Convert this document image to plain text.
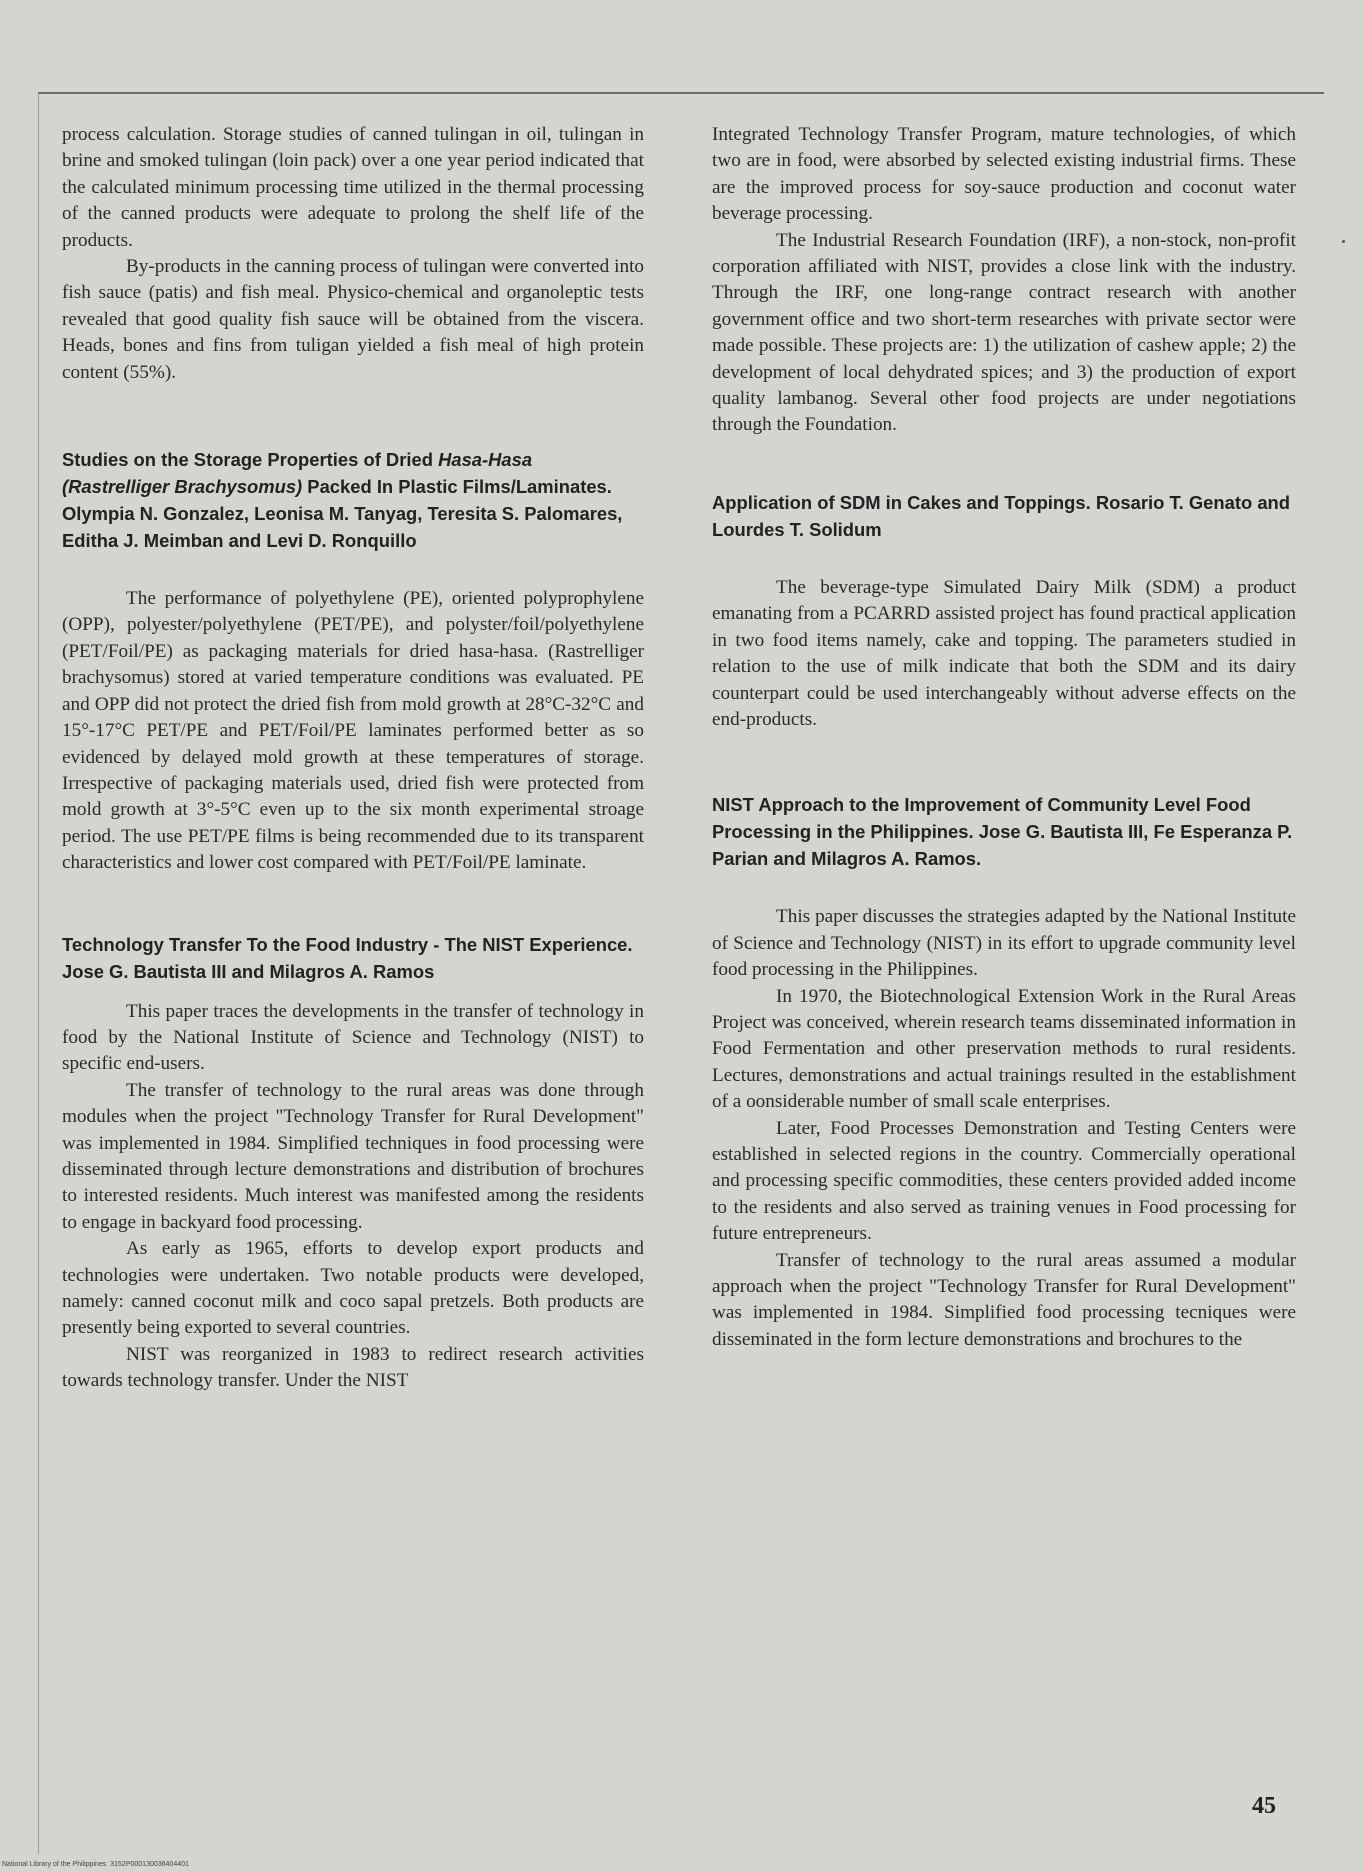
process calculation. Storage studies of canned tulingan in oil, tulingan in brine and smoked tulingan (loin pack) over a one year period indicated that the calculated minimum processing time utilized in the thermal processing of the canned products were adequate to prolong the shelf life of the products.

By-products in the canning process of tulingan were converted into fish sauce (patis) and fish meal. Physico-chemical and organoleptic tests revealed that good quality fish sauce will be obtained from the viscera. Heads, bones and fins from tuligan yielded a fish meal of high protein content (55%).

Studies on the Storage Properties of Dried Hasa-Hasa (Rastrelliger Brachysomus) Packed In Plastic Films/Laminates. Olympia N. Gonzalez, Leonisa M. Tanyag, Teresita S. Palomares, Editha J. Meimban and Levi D. Ronquillo

The performance of polyethylene (PE), oriented polyprophylene (OPP), polyester/polyethylene (PET/PE), and polyster/foil/polyethylene (PET/Foil/PE) as packaging materials for dried hasa-hasa. (Rastrelliger brachysomus) stored at varied temperature conditions was evaluated. PE and OPP did not protect the dried fish from mold growth at 28°C-32°C and 15°-17°C PET/PE and PET/Foil/PE laminates performed better as so evidenced by delayed mold growth at these temperatures of storage. Irrespective of packaging materials used, dried fish were protected from mold growth at 3°-5°C even up to the six month experimental stroage period. The use PET/PE films is being recommended due to its transparent characteristics and lower cost compared with PET/Foil/PE laminate.

Technology Transfer To the Food Industry - The NIST Experience. Jose G. Bautista III and Milagros A. Ramos

This paper traces the developments in the transfer of technology in food by the National Institute of Science and Technology (NIST) to specific end-users.

The transfer of technology to the rural areas was done through modules when the project "Technology Transfer for Rural Development" was implemented in 1984. Simplified techniques in food processing were disseminated through lecture demonstrations and distribution of brochures to interested residents. Much interest was manifested among the residents to engage in backyard food processing.

As early as 1965, efforts to develop export products and technologies were undertaken. Two notable products were developed, namely: canned coconut milk and coco sapal pretzels. Both products are presently being exported to several countries.

NIST was reorganized in 1983 to redirect research activities towards technology transfer. Under the NIST

Integrated Technology Transfer Program, mature technologies, of which two are in food, were absorbed by selected existing industrial firms. These are the improved process for soy-sauce production and coconut water beverage processing.

The Industrial Research Foundation (IRF), a non-stock, non-profit corporation affiliated with NIST, provides a close link with the industry. Through the IRF, one long-range contract research with another government office and two short-term researches with private sector were made possible. These projects are: 1) the utilization of cashew apple; 2) the development of local dehydrated spices; and 3) the production of export quality lambanog. Several other food projects are under negotiations through the Foundation.

Application of SDM in Cakes and Toppings. Rosario T. Genato and Lourdes T. Solidum

The beverage-type Simulated Dairy Milk (SDM) a product emanating from a PCARRD assisted project has found practical application in two food items namely, cake and topping. The parameters studied in relation to the use of milk indicate that both the SDM and its dairy counterpart could be used interchangeably without adverse effects on the end-products.

NIST Approach to the Improvement of Community Level Food Processing in the Philippines. Jose G. Bautista III, Fe Esperanza P. Parian and Milagros A. Ramos.

This paper discusses the strategies adapted by the National Institute of Science and Technology (NIST) in its effort to upgrade community level food processing in the Philippines.

In 1970, the Biotechnological Extension Work in the Rural Areas Project was conceived, wherein research teams disseminated information in Food Fermentation and other preservation methods to rural residents. Lectures, demonstrations and actual trainings resulted in the establishment of a oonsiderable number of small scale enterprises.

Later, Food Processes Demonstration and Testing Centers were established in selected regions in the country. Commercially operational and processing specific commodities, these centers provided added income to the residents and also served as training venues in Food processing for future entrepreneurs.

Transfer of technology to the rural areas assumed a modular approach when the project "Technology Transfer for Rural Development" was implemented in 1984. Simplified food processing tecniques were disseminated in the form lecture demonstrations and brochures to the

45
National Library of the Philippines 3152P000130036404401
